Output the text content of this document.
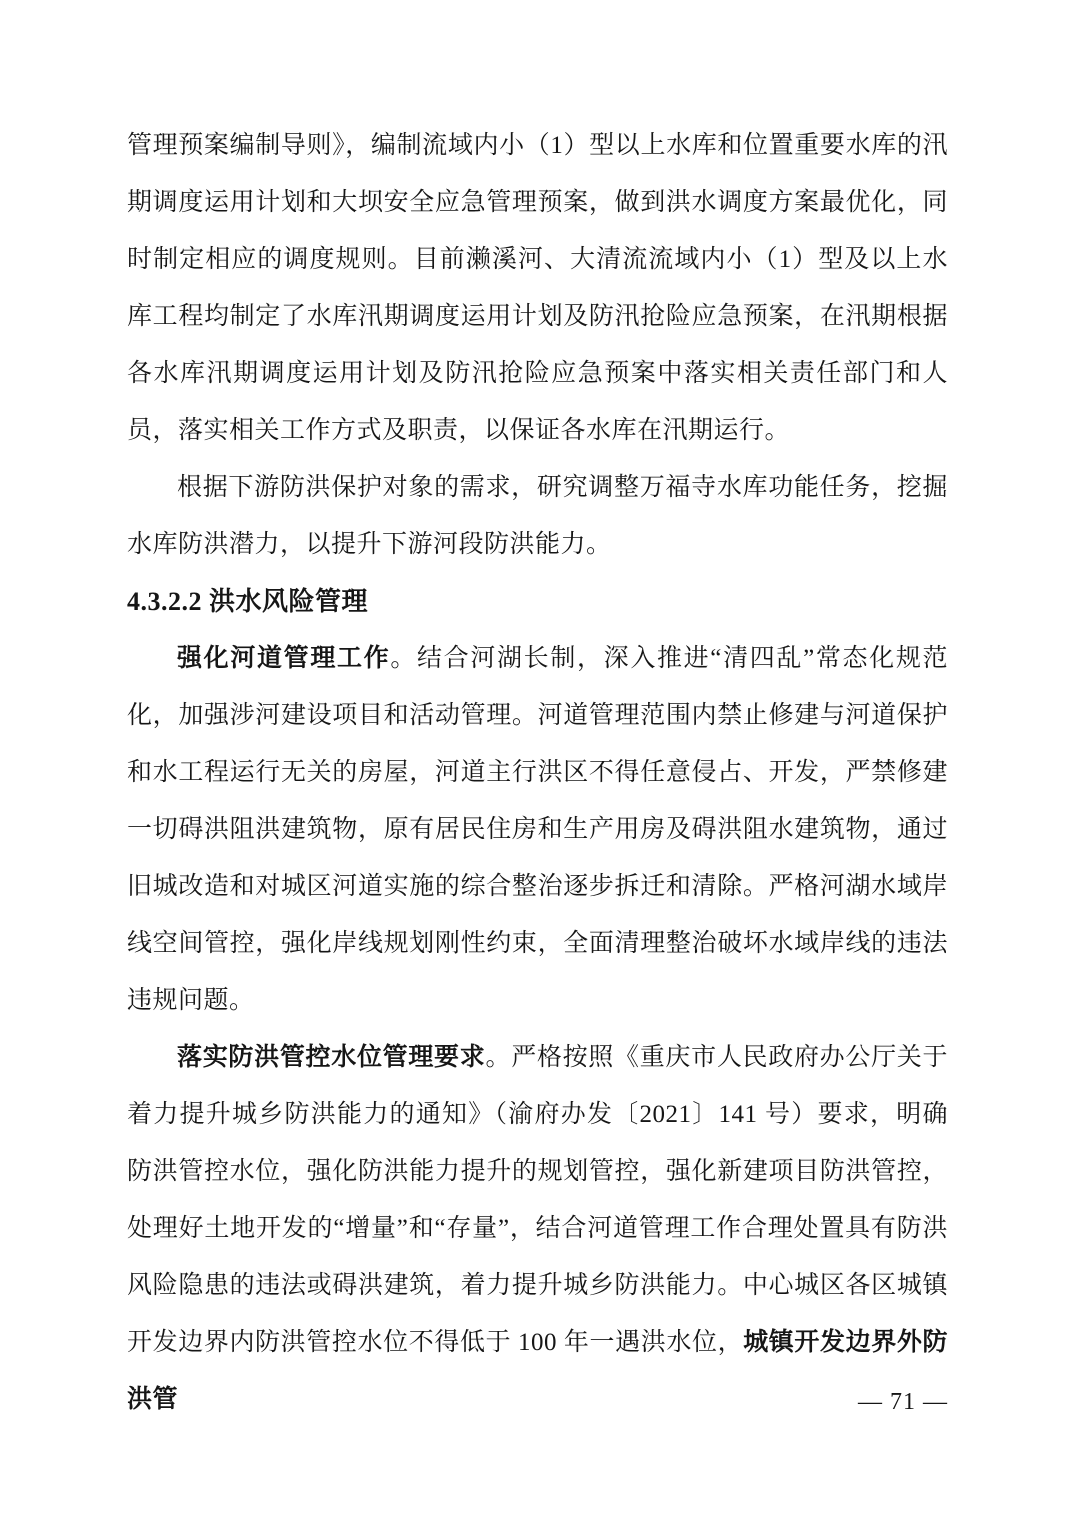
管理预案编制导则》，编制流域内小（1）型以上水库和位置重要水库的汛期调度运用计划和大坝安全应急管理预案，做到洪水调度方案最优化，同时制定相应的调度规则。目前濑溪河、大清流流域内小（1）型及以上水库工程均制定了水库汛期调度运用计划及防汛抢险应急预案，在汛期根据各水库汛期调度运用计划及防汛抢险应急预案中落实相关责任部门和人员，落实相关工作方式及职责，以保证各水库在汛期运行。

根据下游防洪保护对象的需求，研究调整万福寺水库功能任务，挖掘水库防洪潜力，以提升下游河段防洪能力。

4.3.2.2 洪水风险管理

强化河道管理工作。结合河湖长制，深入推进“清四乱”常态化规范化，加强涉河建设项目和活动管理。河道管理范围内禁止修建与河道保护和水工程运行无关的房屋，河道主行洪区不得任意侵占、开发，严禁修建一切碍洪阻洪建筑物，原有居民住房和生产用房及碍洪阻水建筑物，通过旧城改造和对城区河道实施的综合整治逐步拆迁和清除。严格河湖水域岸线空间管控，强化岸线规划刚性约束，全面清理整治破坏水域岸线的违法违规问题。

落实防洪管控水位管理要求。严格按照《重庆市人民政府办公厅关于着力提升城乡防洪能力的通知》（渝府办发〔2021〕141 号）要求，明确防洪管控水位，强化防洪能力提升的规划管控，强化新建项目防洪管控，处理好土地开发的“增量”和“存量”，结合河道管理工作合理处置具有防洪风险隐患的违法或碍洪建筑，着力提升城乡防洪能力。中心城区各区城镇开发边界内防洪管控水位不得低于 100 年一遇洪水位，城镇开发边界外防洪管	— 71 —
